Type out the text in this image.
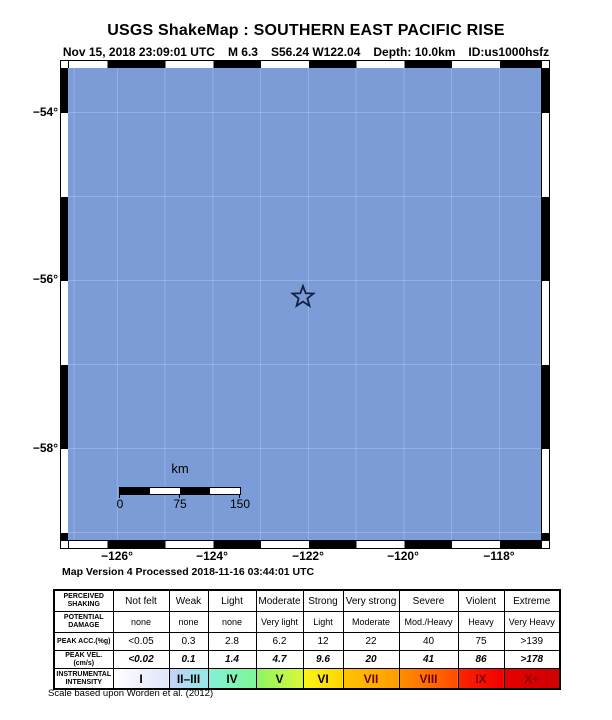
USGS ShakeMap : SOUTHERN EAST PACIFIC RISE
Nov 15, 2018 23:09:01 UTC M 6.3 S56.24 W122.04 Depth: 10.0km ID:us1000hsfz
−54°
−56°
−58°
−126°	−124°	−122°	−120°	−118°
km
0	75	150
Map Version 4 Processed 2018-11-16 03:44:01 UTC
PERCEIVED SHAKING	Not felt	Weak	Light	Moderate	Strong	Very strong	Severe	Violent	Extreme
POTENTIAL DAMAGE	none	none	none	Very light	Light	Moderate	Mod./Heavy	Heavy	Very Heavy
PEAK ACC.(%g)	<0.05	0.3	2.8	6.2	12	22	40	75	>139
PEAK VEL.(cm/s)	<0.02	0.1	1.4	4.7	9.6	20	41	86	>178
INSTRUMENTAL INTENSITY	I	II–III	IV	V	VI	VII	VIII	IX	X+
Scale based upon Worden et al. (2012)
